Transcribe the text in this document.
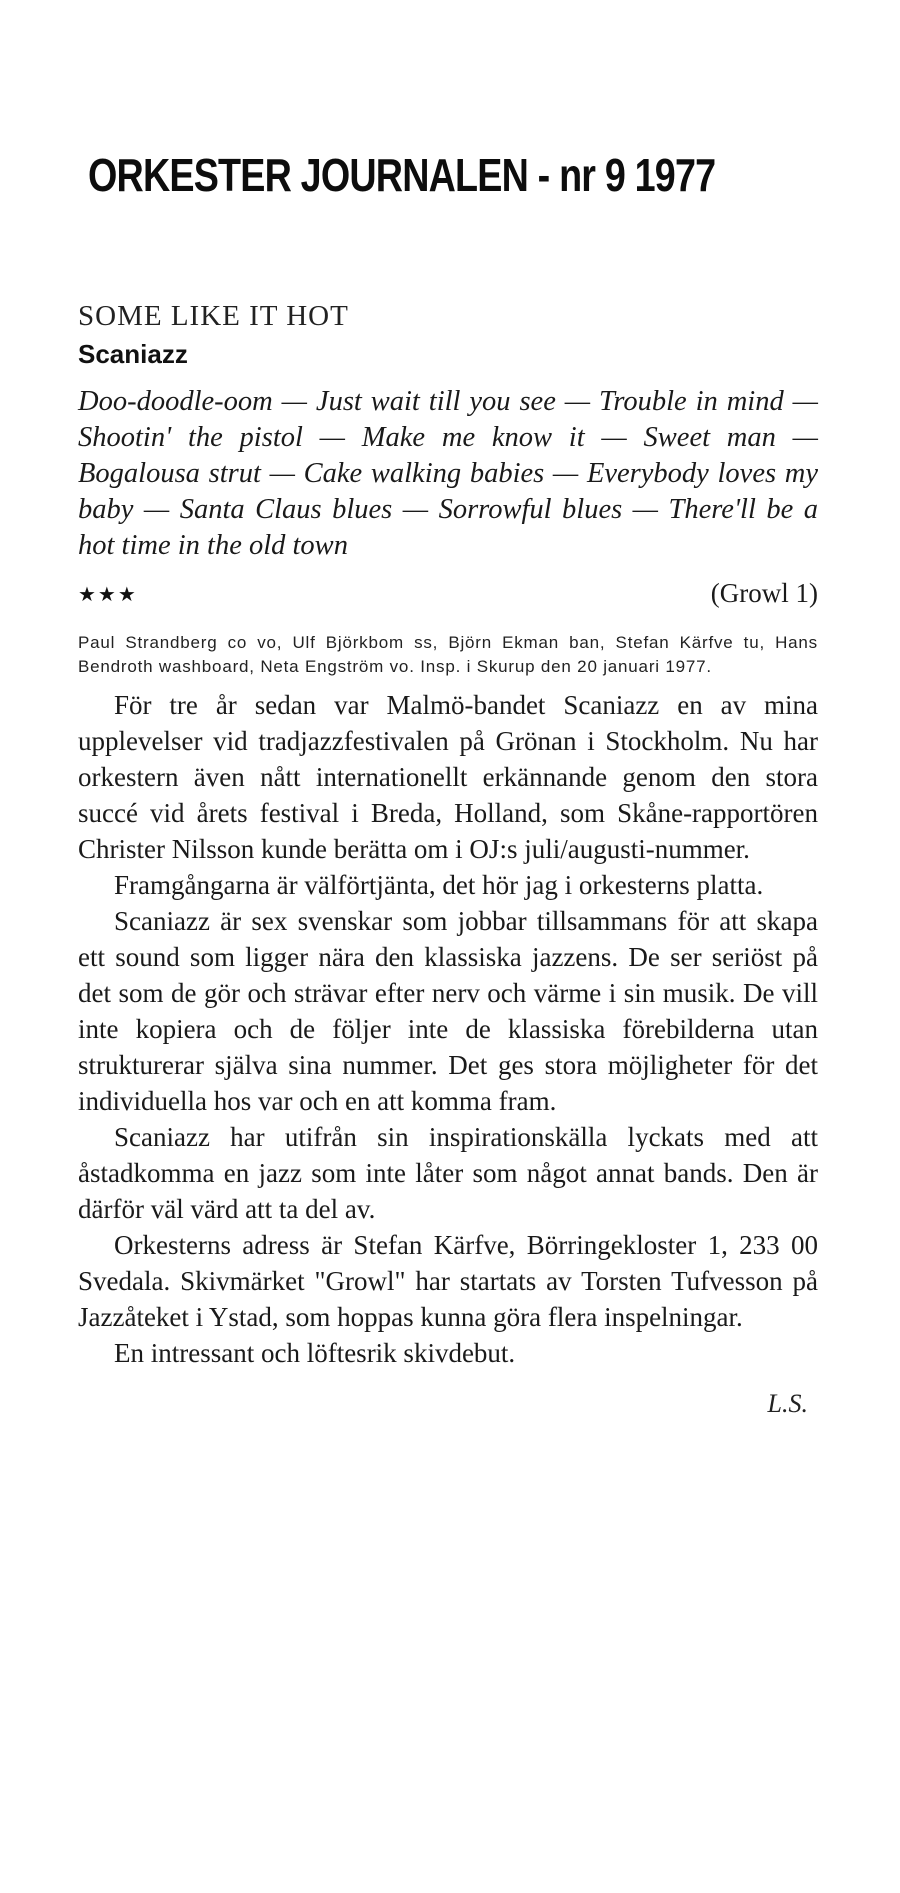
ORKESTER JOURNALEN - nr 9 1977
SOME LIKE IT HOT
Scaniazz
Doo-doodle-oom — Just wait till you see — Trouble in mind — Shootin' the pistol — Make me know it — Sweet man — Bogalousa strut — Cake walking babies — Everybody loves my baby — Santa Claus blues — Sorrowful blues — There'll be a hot time in the old town
★★★	(Growl 1)
Paul Strandberg co vo, Ulf Björkbom ss, Björn Ekman ban, Stefan Kärfve tu, Hans Bendroth washboard, Neta Engström vo. Insp. i Skurup den 20 januari 1977.

För tre år sedan var Malmö-bandet Scaniazz en av mina upplevelser vid tradjazzfestivalen på Grönan i Stockholm. Nu har orkestern även nått internationellt erkännande genom den stora succé vid årets festival i Breda, Holland, som Skåne-rapportören Christer Nilsson kunde berätta om i OJ:s juli/augusti-nummer.

Framgångarna är välförtjänta, det hör jag i orkesterns platta.

Scaniazz är sex svenskar som jobbar tillsammans för att skapa ett sound som ligger nära den klassiska jazzens. De ser seriöst på det som de gör och strävar efter nerv och värme i sin musik. De vill inte kopiera och de följer inte de klassiska förebilderna utan strukturerar själva sina nummer. Det ges stora möjligheter för det individuella hos var och en att komma fram.

Scaniazz har utifrån sin inspirationskälla lyckats med att åstadkomma en jazz som inte låter som något annat bands. Den är därför väl värd att ta del av.

Orkesterns adress är Stefan Kärfve, Börringekloster 1, 233 00 Svedala. Skivmärket "Growl" har startats av Torsten Tufvesson på Jazzåteket i Ystad, som hoppas kunna göra flera inspelningar.

En intressant och löftesrik skivdebut.

L.S.
